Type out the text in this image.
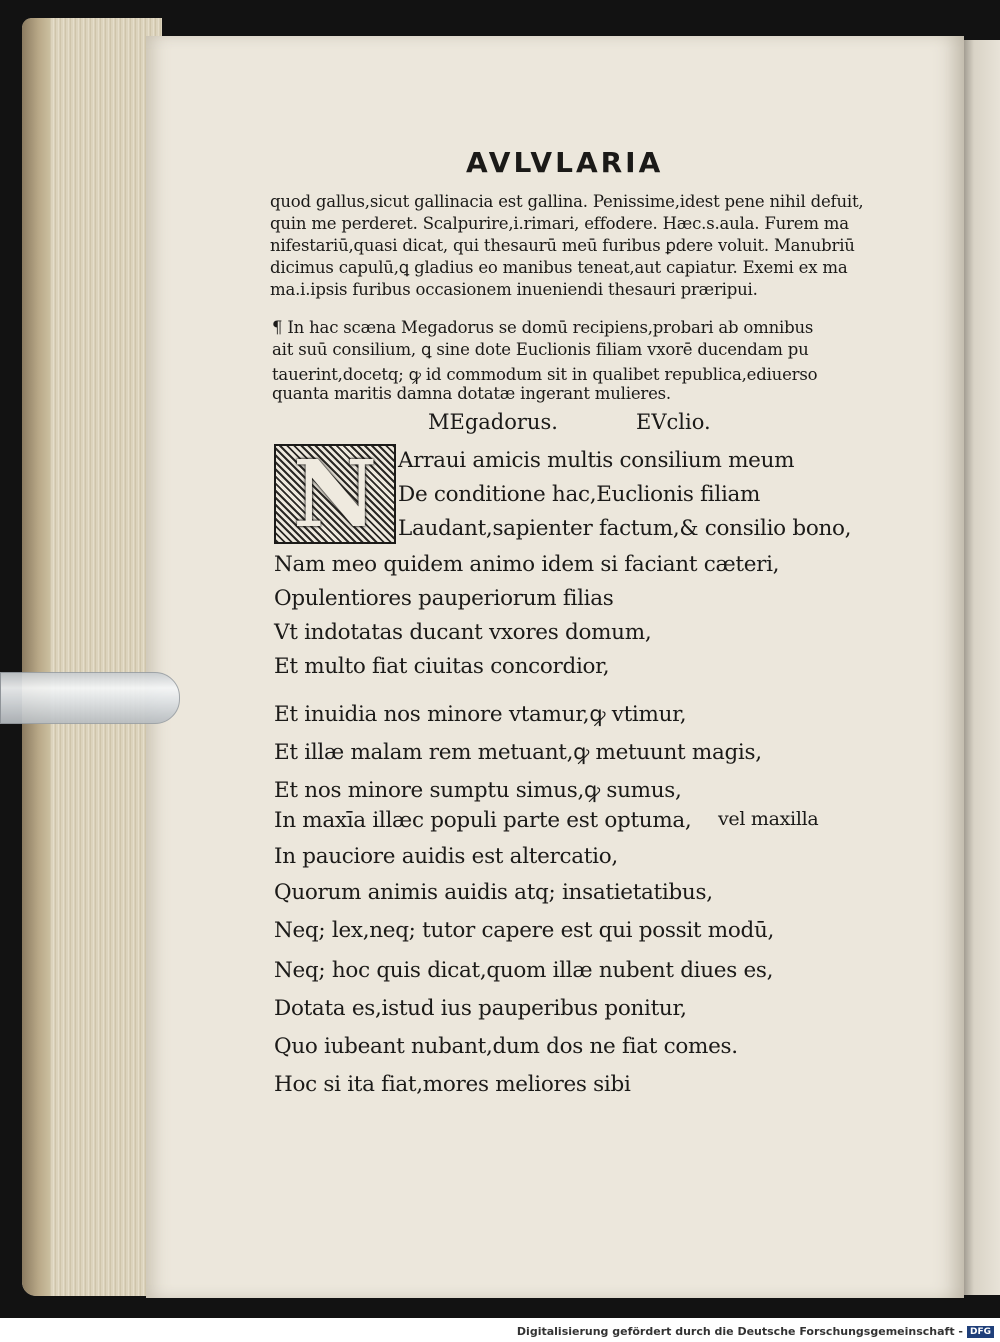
AVLVLARIA
quod gallus,sicut gallinacia est gallina. Penissime,idest pene nihil defuit,
quin me perderet. Scalpurire,i.rimari, effodere. Hæc.s.aula. Furem ma
nifestariū,quasi dicat, qui thesaurū meū furibus ꝑdere voluit. Manubriū
dicimus capulū,ꝗ gladius eo manibus teneat,aut capiatur. Exemi ex ma
ma.i.ipsis furibus occasionem inueniendi thesauri præripui.
¶ In hac scæna Megadorus se domū recipiens,probari ab omnibus
ait suū consilium, ꝗ sine dote Euclionis filiam vxorē ducendam pu
tauerint,docetq; ꝙ id commodum sit in qualibet republica,ediuerso
quanta maritis damna dotatæ ingerant mulieres.
MEgadorus.	EVclio.
N Arraui amicis multis consilium meum
De conditione hac,Euclionis filiam
Laudant,sapienter factum,& consilio bono,
Nam meo quidem animo idem si faciant cæteri,
Opulentiores pauperiorum filias
Vt indotatas ducant vxores domum,
Et multo fiat ciuitas concordior,
Et inuidia nos minore vtamur,ꝙ vtimur,
Et illæ malam rem metuant,ꝙ metuunt magis,
Et nos minore sumptu simus,ꝙ sumus,
In maxīa illæc populi parte est optuma, vel maxilla
In pauciore auidis est altercatio,
Quorum animis auidis atq; insatietatibus,
Neq; lex,neq; tutor capere est qui possit modū,
Neq; hoc quis dicat,quom illæ nubent diues es,
Dotata es,istud ius pauperibus ponitur,
Quo iubeant nubant,dum dos ne fiat comes.
Hoc si ita fiat,mores meliores sibi
Digitalisierung gefördert durch die Deutsche Forschungsgemeinschaft - DFG
